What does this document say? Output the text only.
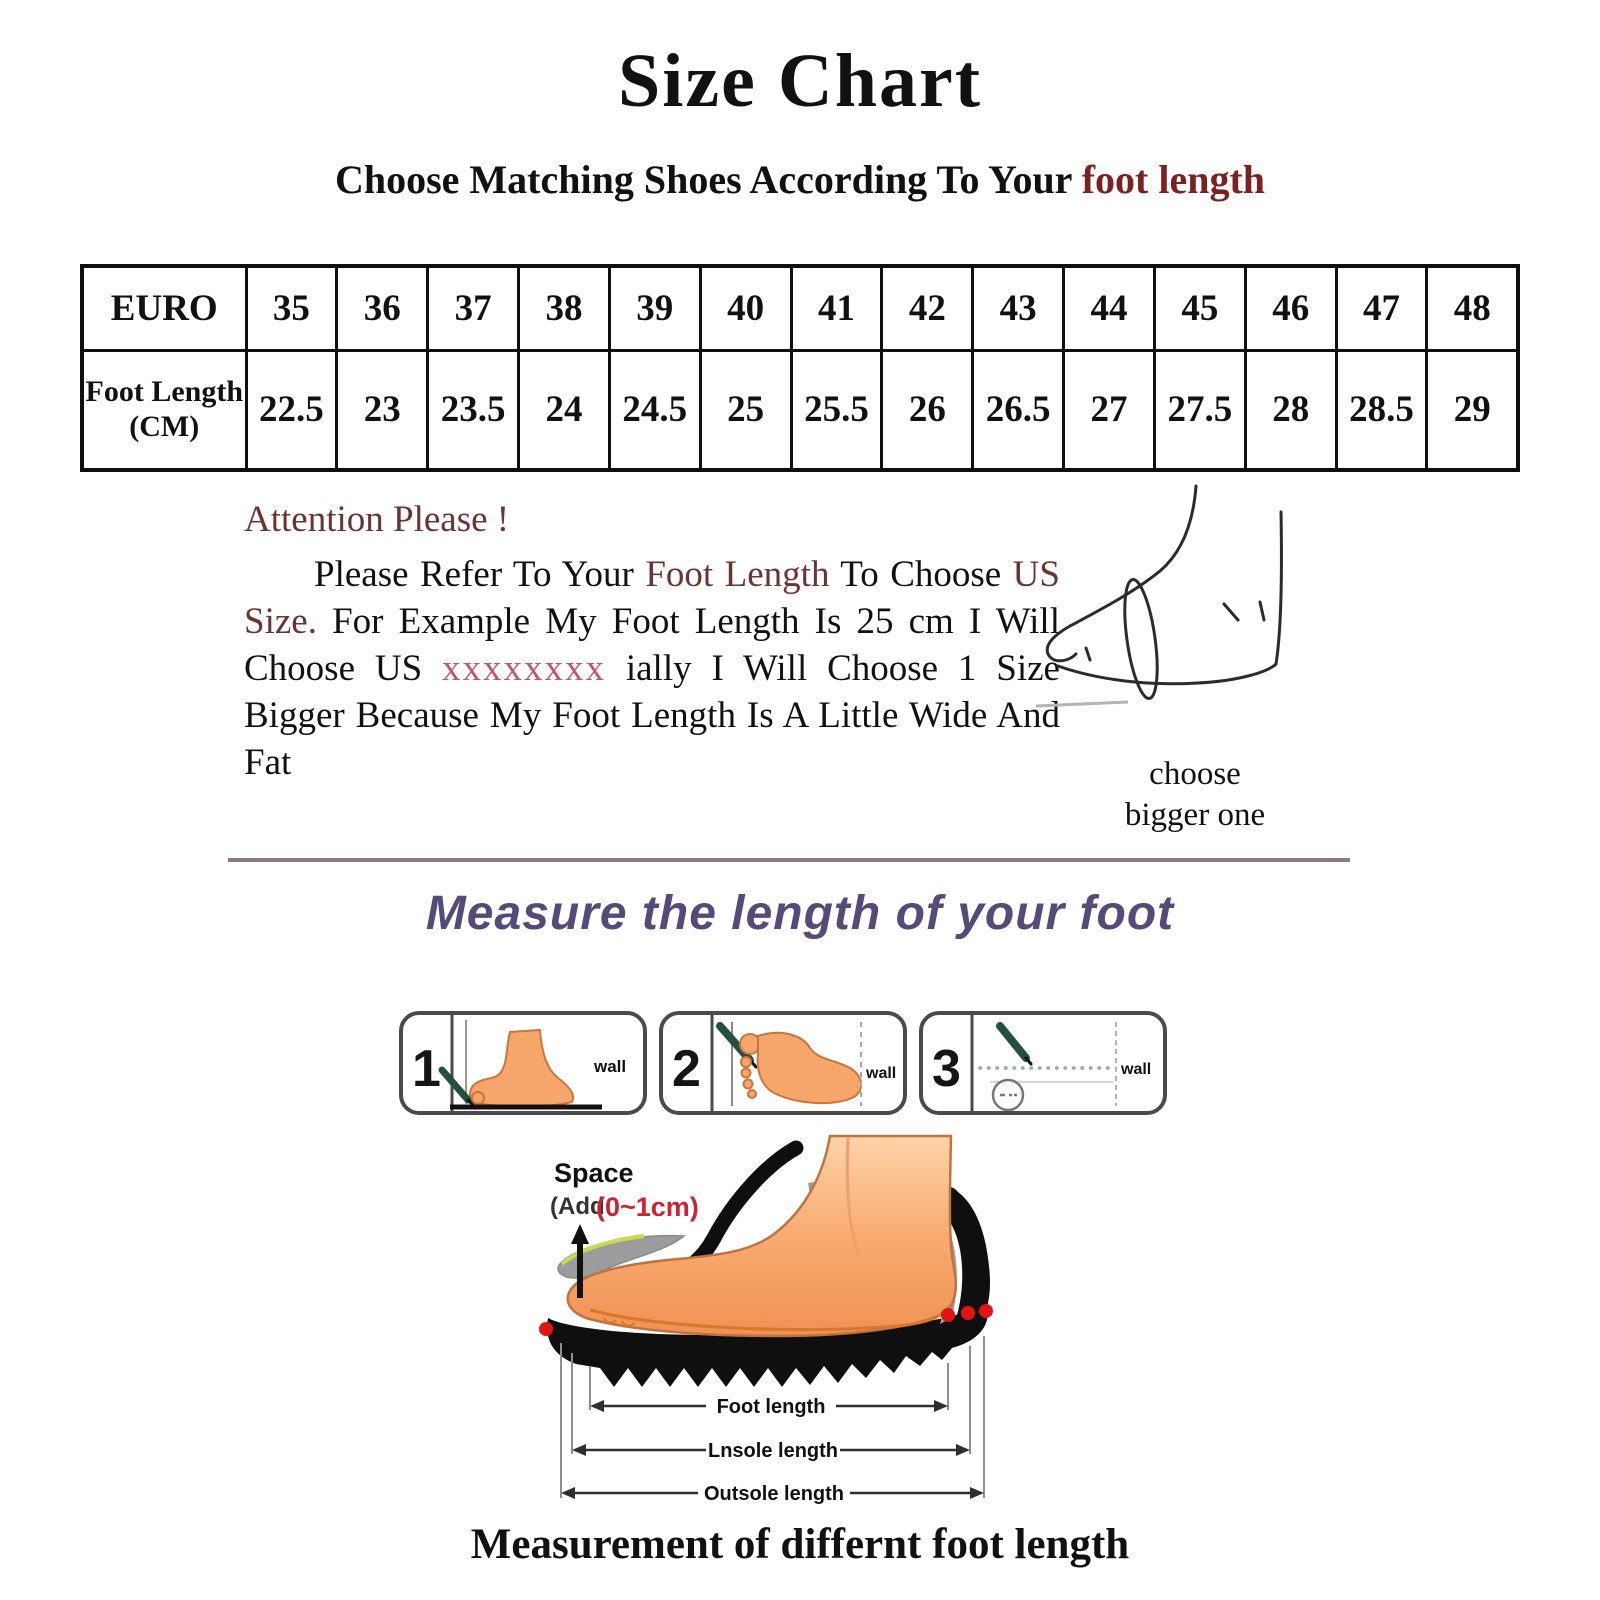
Size Chart
Choose Matching Shoes According To Your foot length
EURO	35	36	37	38	39	40	41	42	43	44	45	46	47	48
Foot Length (CM)	22.5	23	23.5	24	24.5	25	25.5	26	26.5	27	27.5	28	28.5	29
Attention Please !

Please Refer To Your Foot Length To Choose US Size. For Example My Foot Length Is 25 cm I Will Choose US xxxxxxxx ially I Will Choose 1 Size Bigger Because My Foot Length Is A Little Wide And Fat	choose
bigger one
Measure the length of your foot
1	wall 2	wall 3	wall
Space
(Add
(0~1cm)
Foot length
Lnsole length
Outsole length
Measurement of differnt foot length
